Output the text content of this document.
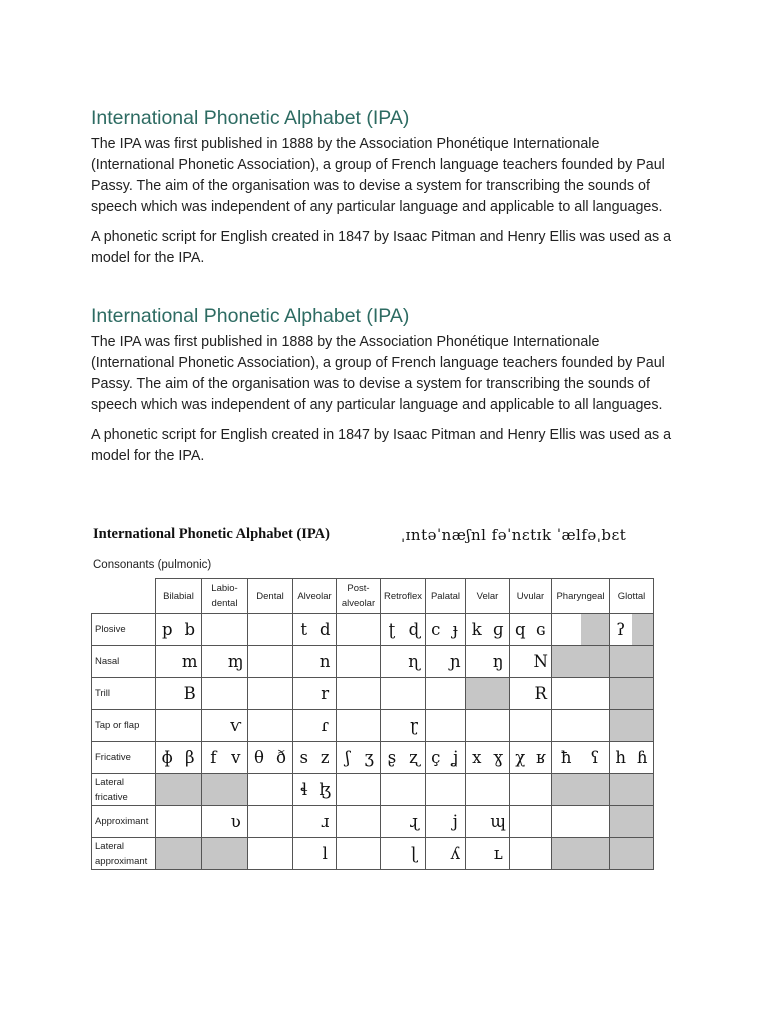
International Phonetic Alphabet (IPA)

The IPA was first published in 1888 by the Association Phonétique Internationale (International Phonetic Association), a group of French language teachers founded by Paul Passy. The aim of the organisation was to devise a system for transcribing the sounds of speech which was independent of any particular language and applicable to all languages.

A phonetic script for English created in 1847 by Isaac Pitman and Henry Ellis was used as a model for the IPA.

International Phonetic Alphabet (IPA)

The IPA was first published in 1888 by the Association Phonétique Internationale (International Phonetic Association), a group of French language teachers founded by Paul Passy. The aim of the organisation was to devise a system for transcribing the sounds of speech which was independent of any particular language and applicable to all languages.

A phonetic script for English created in 1847 by Isaac Pitman and Henry Ellis was used as a model for the IPA.

International Phonetic Alphabet (IPA)	ˌɪntəˈnæʃnl fəˈnɛtɪk ˈælfəˌbɛt
Consonants (pulmonic)
	Bilabial	Labio-
dental	Dental	Alveolar	Post-
alveolar	Retroflex	Palatal	Velar	Uvular	Pharyngeal	Glottal
Plosive	p b			t d		ʈ ɖ	c ɟ	k ɡ	q ɢ		ʔ

Nasal	m	ɱ		n		ɳ	ɲ	ŋ	N		

Trill	B			r					R		

Tap or flap		ⱱ		ɾ		ɽ					

Fricative	ɸ β	f v	θ ð	s z	ʃ ʒ	ʂ ʐ	ç ʝ	x ɣ	χ ʁ	ħ ʕ	h ɦ

Lateral
fricative				ɬ ɮ							

Approximant		ʋ		ɹ		ɻ	j	ɰ			

Lateral
approximant				l		ɭ	ʎ	ʟ			
